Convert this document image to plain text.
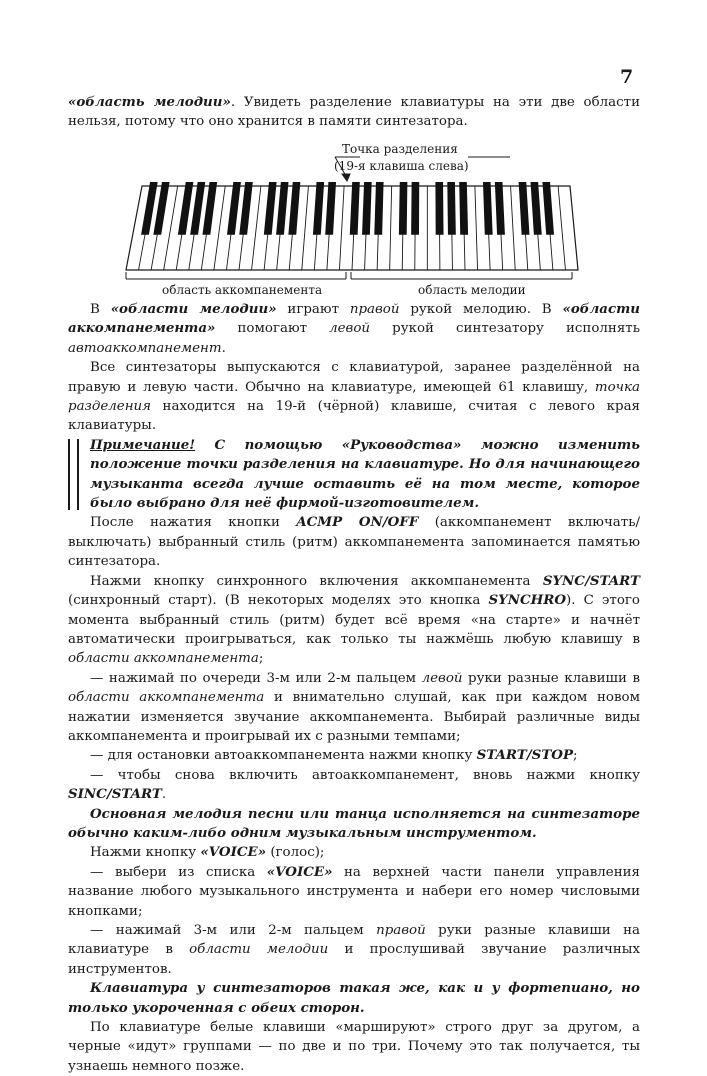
7

«область мелодии». Увидеть разделение клавиатуры на эти две области нельзя, потому что оно хранится в памяти синтезатора.

Точка разделения
(19-я клавиша слева)
область аккомпанемента	область мелодии

В «области мелодии» играют правой рукой мелодию. В «области аккомпанемента» помогают левой рукой синтезатору исполнять автоаккомпанемент.

Все синтезаторы выпускаются с клавиатурой, заранее разделённой на правую и левую части. Обычно на клавиатуре, имеющей 61 клавишу, точка разделения находится на 19-й (чёрной) клавише, считая с левого края клавиатуры.

Примечание! С помощью «Руководства» можно изменить положение точки разделения на клавиатуре. Но для начинающего музыканта всегда лучше оставить её на том месте, которое было выбрано для неё фирмой-изготовителем.

После нажатия кнопки ACMP ON/OFF (аккомпанемент включать/выключать) выбранный стиль (ритм) аккомпанемента запоминается памятью синтезатора.

Нажми кнопку синхронного включения аккомпанемента SYNC/START (синхронный старт). (В некоторых моделях это кнопка SYNCHRO). С этого момента выбранный стиль (ритм) будет всё время «на старте» и начнёт автоматически проигрываться, как только ты нажмёшь любую клавишу в области аккомпанемента;

— нажимай по очереди 3-м или 2-м пальцем левой руки разные клавиши в области аккомпанемента и внимательно слушай, как при каждом новом нажатии изменяется звучание аккомпанемента. Выбирай различные виды аккомпанемента и проигрывай их с разными темпами;

— для остановки автоаккомпанемента нажми кнопку START/STOP;

— чтобы снова включить автоаккомпанемент, вновь нажми кнопку SINC/START.

Основная мелодия песни или танца исполняется на синтезаторе обычно каким-либо одним музыкальным инструментом.

Нажми кнопку «VOICE» (голос);

— выбери из списка «VOICE» на верхней части панели управления название любого музыкального инструмента и набери его номер числовыми кнопками;

— нажимай 3-м или 2-м пальцем правой руки разные клавиши на клавиатуре в области мелодии и прослушивай звучание различных инструментов.

Клавиатура у синтезаторов такая же, как и у фортепиано, но только укороченная с обеих сторон.

По клавиатуре белые клавиши «маршируют» строго друг за другом, а черные «идут» группами — по две и по три. Почему это так получается, ты узнаешь немного позже.
